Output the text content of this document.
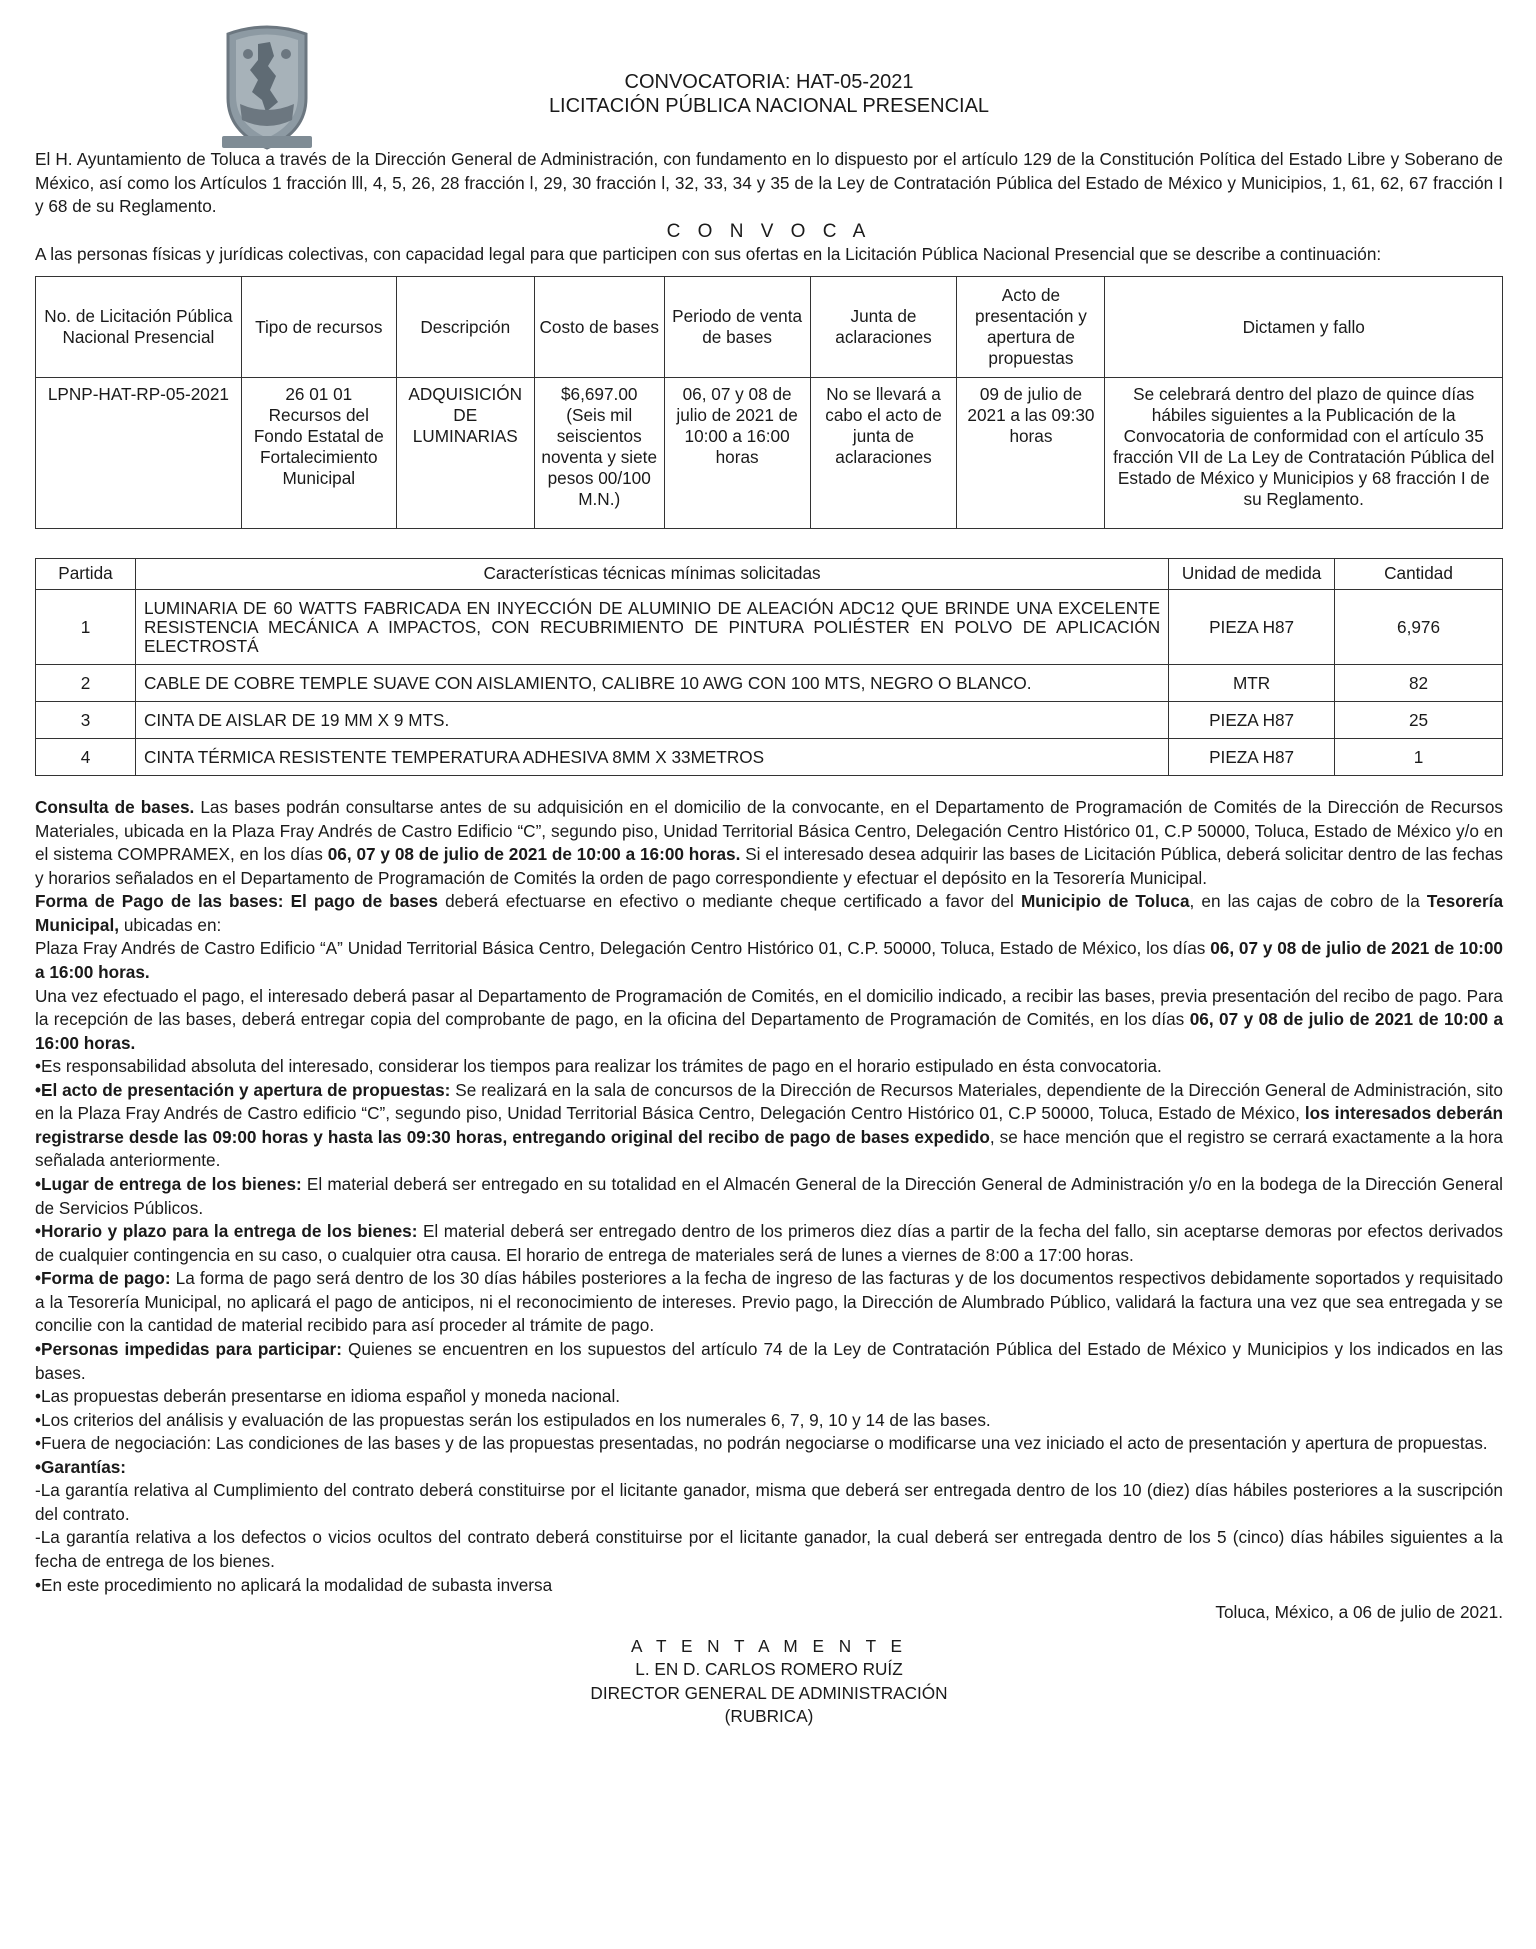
CONVOCATORIA: HAT-05-2021
LICITACIÓN PÚBLICA NACIONAL PRESENCIAL

El H. Ayuntamiento de Toluca a través de la Dirección General de Administración, con fundamento en lo dispuesto por el artículo 129 de la Constitución Política del Estado Libre y Soberano de México, así como los Artículos 1 fracción lll, 4, 5, 26, 28 fracción l, 29, 30 fracción l, 32, 33, 34 y 35 de la Ley de Contratación Pública del Estado de México y Municipios, 1, 61, 62, 67 fracción I y 68 de su Reglamento.

C O N V O C A

A las personas físicas y jurídicas colectivas, con capacidad legal para que participen con sus ofertas en la Licitación Pública Nacional Presencial que se describe a continuación:

No. de Licitación Pública Nacional Presencial	Tipo de recursos	Descripción	Costo de bases	Periodo de venta de bases	Junta de aclaraciones	Acto de presentación y apertura de propuestas	Dictamen y fallo
LPNP-HAT-RP-05-2021	26 01 01 Recursos del Fondo Estatal de Fortalecimiento Municipal	ADQUISICIÓN DE LUMINARIAS	$6,697.00 (Seis mil seiscientos noventa y siete pesos 00/100 M.N.)	06, 07 y 08 de julio de 2021 de 10:00 a 16:00 horas	No se llevará a cabo el acto de junta de aclaraciones	09 de julio de 2021 a las 09:30 horas	Se celebrará dentro del plazo de quince días hábiles siguientes a la Publicación de la Convocatoria de conformidad con el artículo 35 fracción VII de La Ley de Contratación Pública del Estado de México y Municipios y 68 fracción I de su Reglamento.
Partida	Características técnicas mínimas solicitadas	Unidad de medida	Cantidad
1	LUMINARIA DE 60 WATTS FABRICADA EN INYECCIÓN DE ALUMINIO DE ALEACIÓN ADC12 QUE BRINDE UNA EXCELENTE RESISTENCIA MECÁNICA A IMPACTOS, CON RECUBRIMIENTO DE PINTURA POLIÉSTER EN POLVO DE APLICACIÓN ELECTROSTÁ	PIEZA H87	6,976
2	CABLE DE COBRE TEMPLE SUAVE CON AISLAMIENTO, CALIBRE 10 AWG CON 100 MTS, NEGRO O BLANCO.	MTR	82
3	CINTA DE AISLAR DE 19 MM X 9 MTS.	PIEZA H87	25
4	CINTA TÉRMICA RESISTENTE TEMPERATURA ADHESIVA 8MM X 33METROS	PIEZA H87	1

Consulta de bases. Las bases podrán consultarse antes de su adquisición en el domicilio de la convocante, en el Departamento de Programación de Comités de la Dirección de Recursos Materiales, ubicada en la Plaza Fray Andrés de Castro Edificio “C”, segundo piso, Unidad Territorial Básica Centro, Delegación Centro Histórico 01, C.P 50000, Toluca, Estado de México y/o en el sistema COMPRAMEX, en los días 06, 07 y 08 de julio de 2021 de 10:00 a 16:00 horas. Si el interesado desea adquirir las bases de Licitación Pública, deberá solicitar dentro de las fechas y horarios señalados en el Departamento de Programación de Comités la orden de pago correspondiente y efectuar el depósito en la Tesorería Municipal.

Forma de Pago de las bases: El pago de bases deberá efectuarse en efectivo o mediante cheque certificado a favor del Municipio de Toluca, en las cajas de cobro de la Tesorería Municipal, ubicadas en:

Plaza Fray Andrés de Castro Edificio “A” Unidad Territorial Básica Centro, Delegación Centro Histórico 01, C.P. 50000, Toluca, Estado de México, los días 06, 07 y 08 de julio de 2021 de 10:00 a 16:00 horas.

Una vez efectuado el pago, el interesado deberá pasar al Departamento de Programación de Comités, en el domicilio indicado, a recibir las bases, previa presentación del recibo de pago. Para la recepción de las bases, deberá entregar copia del comprobante de pago, en la oficina del Departamento de Programación de Comités, en los días 06, 07 y 08 de julio de 2021 de 10:00 a 16:00 horas.

•Es responsabilidad absoluta del interesado, considerar los tiempos para realizar los trámites de pago en el horario estipulado en ésta convocatoria.

•El acto de presentación y apertura de propuestas: Se realizará en la sala de concursos de la Dirección de Recursos Materiales, dependiente de la Dirección General de Administración, sito en la Plaza Fray Andrés de Castro edificio “C”, segundo piso, Unidad Territorial Básica Centro, Delegación Centro Histórico 01, C.P 50000, Toluca, Estado de México, los interesados deberán registrarse desde las 09:00 horas y hasta las 09:30 horas, entregando original del recibo de pago de bases expedido, se hace mención que el registro se cerrará exactamente a la hora señalada anteriormente.

•Lugar de entrega de los bienes: El material deberá ser entregado en su totalidad en el Almacén General de la Dirección General de Administración y/o en la bodega de la Dirección General de Servicios Públicos.

•Horario y plazo para la entrega de los bienes: El material deberá ser entregado dentro de los primeros diez días a partir de la fecha del fallo, sin aceptarse demoras por efectos derivados de cualquier contingencia en su caso, o cualquier otra causa. El horario de entrega de materiales será de lunes a viernes de 8:00 a 17:00 horas.

•Forma de pago: La forma de pago será dentro de los 30 días hábiles posteriores a la fecha de ingreso de las facturas y de los documentos respectivos debidamente soportados y requisitado a la Tesorería Municipal, no aplicará el pago de anticipos, ni el reconocimiento de intereses. Previo pago, la Dirección de Alumbrado Público, validará la factura una vez que sea entregada y se concilie con la cantidad de material recibido para así proceder al trámite de pago.

•Personas impedidas para participar: Quienes se encuentren en los supuestos del artículo 74 de la Ley de Contratación Pública del Estado de México y Municipios y los indicados en las bases.

•Las propuestas deberán presentarse en idioma español y moneda nacional.

•Los criterios del análisis y evaluación de las propuestas serán los estipulados en los numerales 6, 7, 9, 10 y 14 de las bases.

•Fuera de negociación: Las condiciones de las bases y de las propuestas presentadas, no podrán negociarse o modificarse una vez iniciado el acto de presentación y apertura de propuestas.

•Garantías:

-La garantía relativa al Cumplimiento del contrato deberá constituirse por el licitante ganador, misma que deberá ser entregada dentro de los 10 (diez) días hábiles posteriores a la suscripción del contrato.

-La garantía relativa a los defectos o vicios ocultos del contrato deberá constituirse por el licitante ganador, la cual deberá ser entregada dentro de los 5 (cinco) días hábiles siguientes a la fecha de entrega de los bienes.

•En este procedimiento no aplicará la modalidad de subasta inversa

Toluca, México, a 06 de julio de 2021.
A T E N T A M E N T E
L. EN D. CARLOS ROMERO RUÍZ
DIRECTOR GENERAL DE ADMINISTRACIÓN
(RUBRICA)
